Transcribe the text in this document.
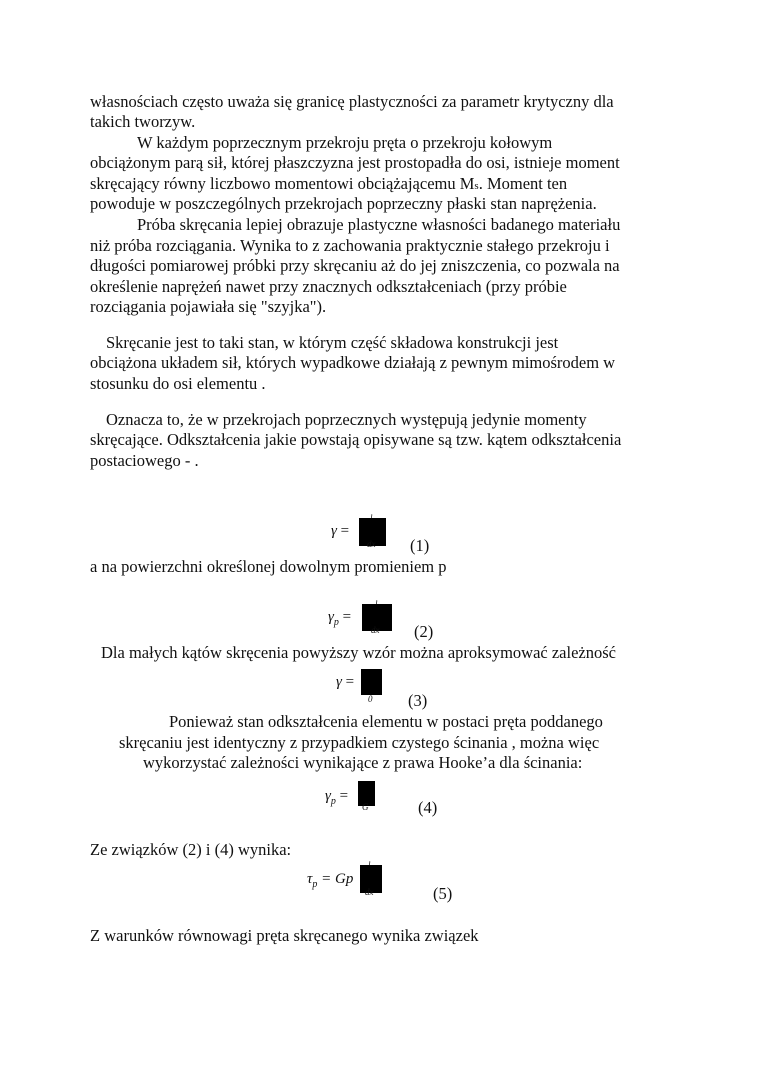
własnościach często uważa się granicę plastyczności za parametr krytyczny dla
takich tworzyw.
W każdym poprzecznym przekroju pręta o przekroju kołowym
obciążonym parą sił, której płaszczyzna jest prostopadła do osi, istnieje moment
skręcający równy liczbowo momentowi obciążającemu Ms. Moment ten
powoduje w poszczególnych przekrojach poprzeczny płaski stan naprężenia.
Próba skręcania lepiej obrazuje plastyczne własności badanego materiału
niż próba rozciągania. Wynika to z zachowania praktycznie stałego przekroju i
długości pomiarowej próbki przy skręcaniu aż do jej zniszczenia, co pozwala na
określenie naprężeń nawet przy znacznych odkształceniach (przy próbie
rozciągania pojawiała się "szyjka").
Skręcanie jest to taki stan, w którym część składowa konstrukcji jest
obciążona układem sił, których wypadkowe działają z pewnym mimośrodem w
stosunku do osi elementu .
Oznacza to, że w przekrojach poprzecznych występują jedynie momenty
skręcające. Odkształcenia jakie powstają opisywane są tzw. kątem odkształcenia
postaciowego - .
γ =
dx (1)
a na powierzchni określonej dowolnym promieniem p
$\gamma_p$ =
dx (2)
Dla małych kątów skręcenia powyższy wzór można aproksymować zależność
γ =
0 (3)
Ponieważ stan odkształcenia elementu w postaci pręta poddanego
skręcaniu jest identyczny z przypadkiem czystego ścinania , można więc
wykorzystać zależności wynikające z prawa Hooke’a dla ścinania:
$\gamma_p$ =
G	(4)
Ze związków (2) i (4) wynika:
$\tau_p = Gp$
dx	(5)
Z warunków równowagi pręta skręcanego wynika związek
